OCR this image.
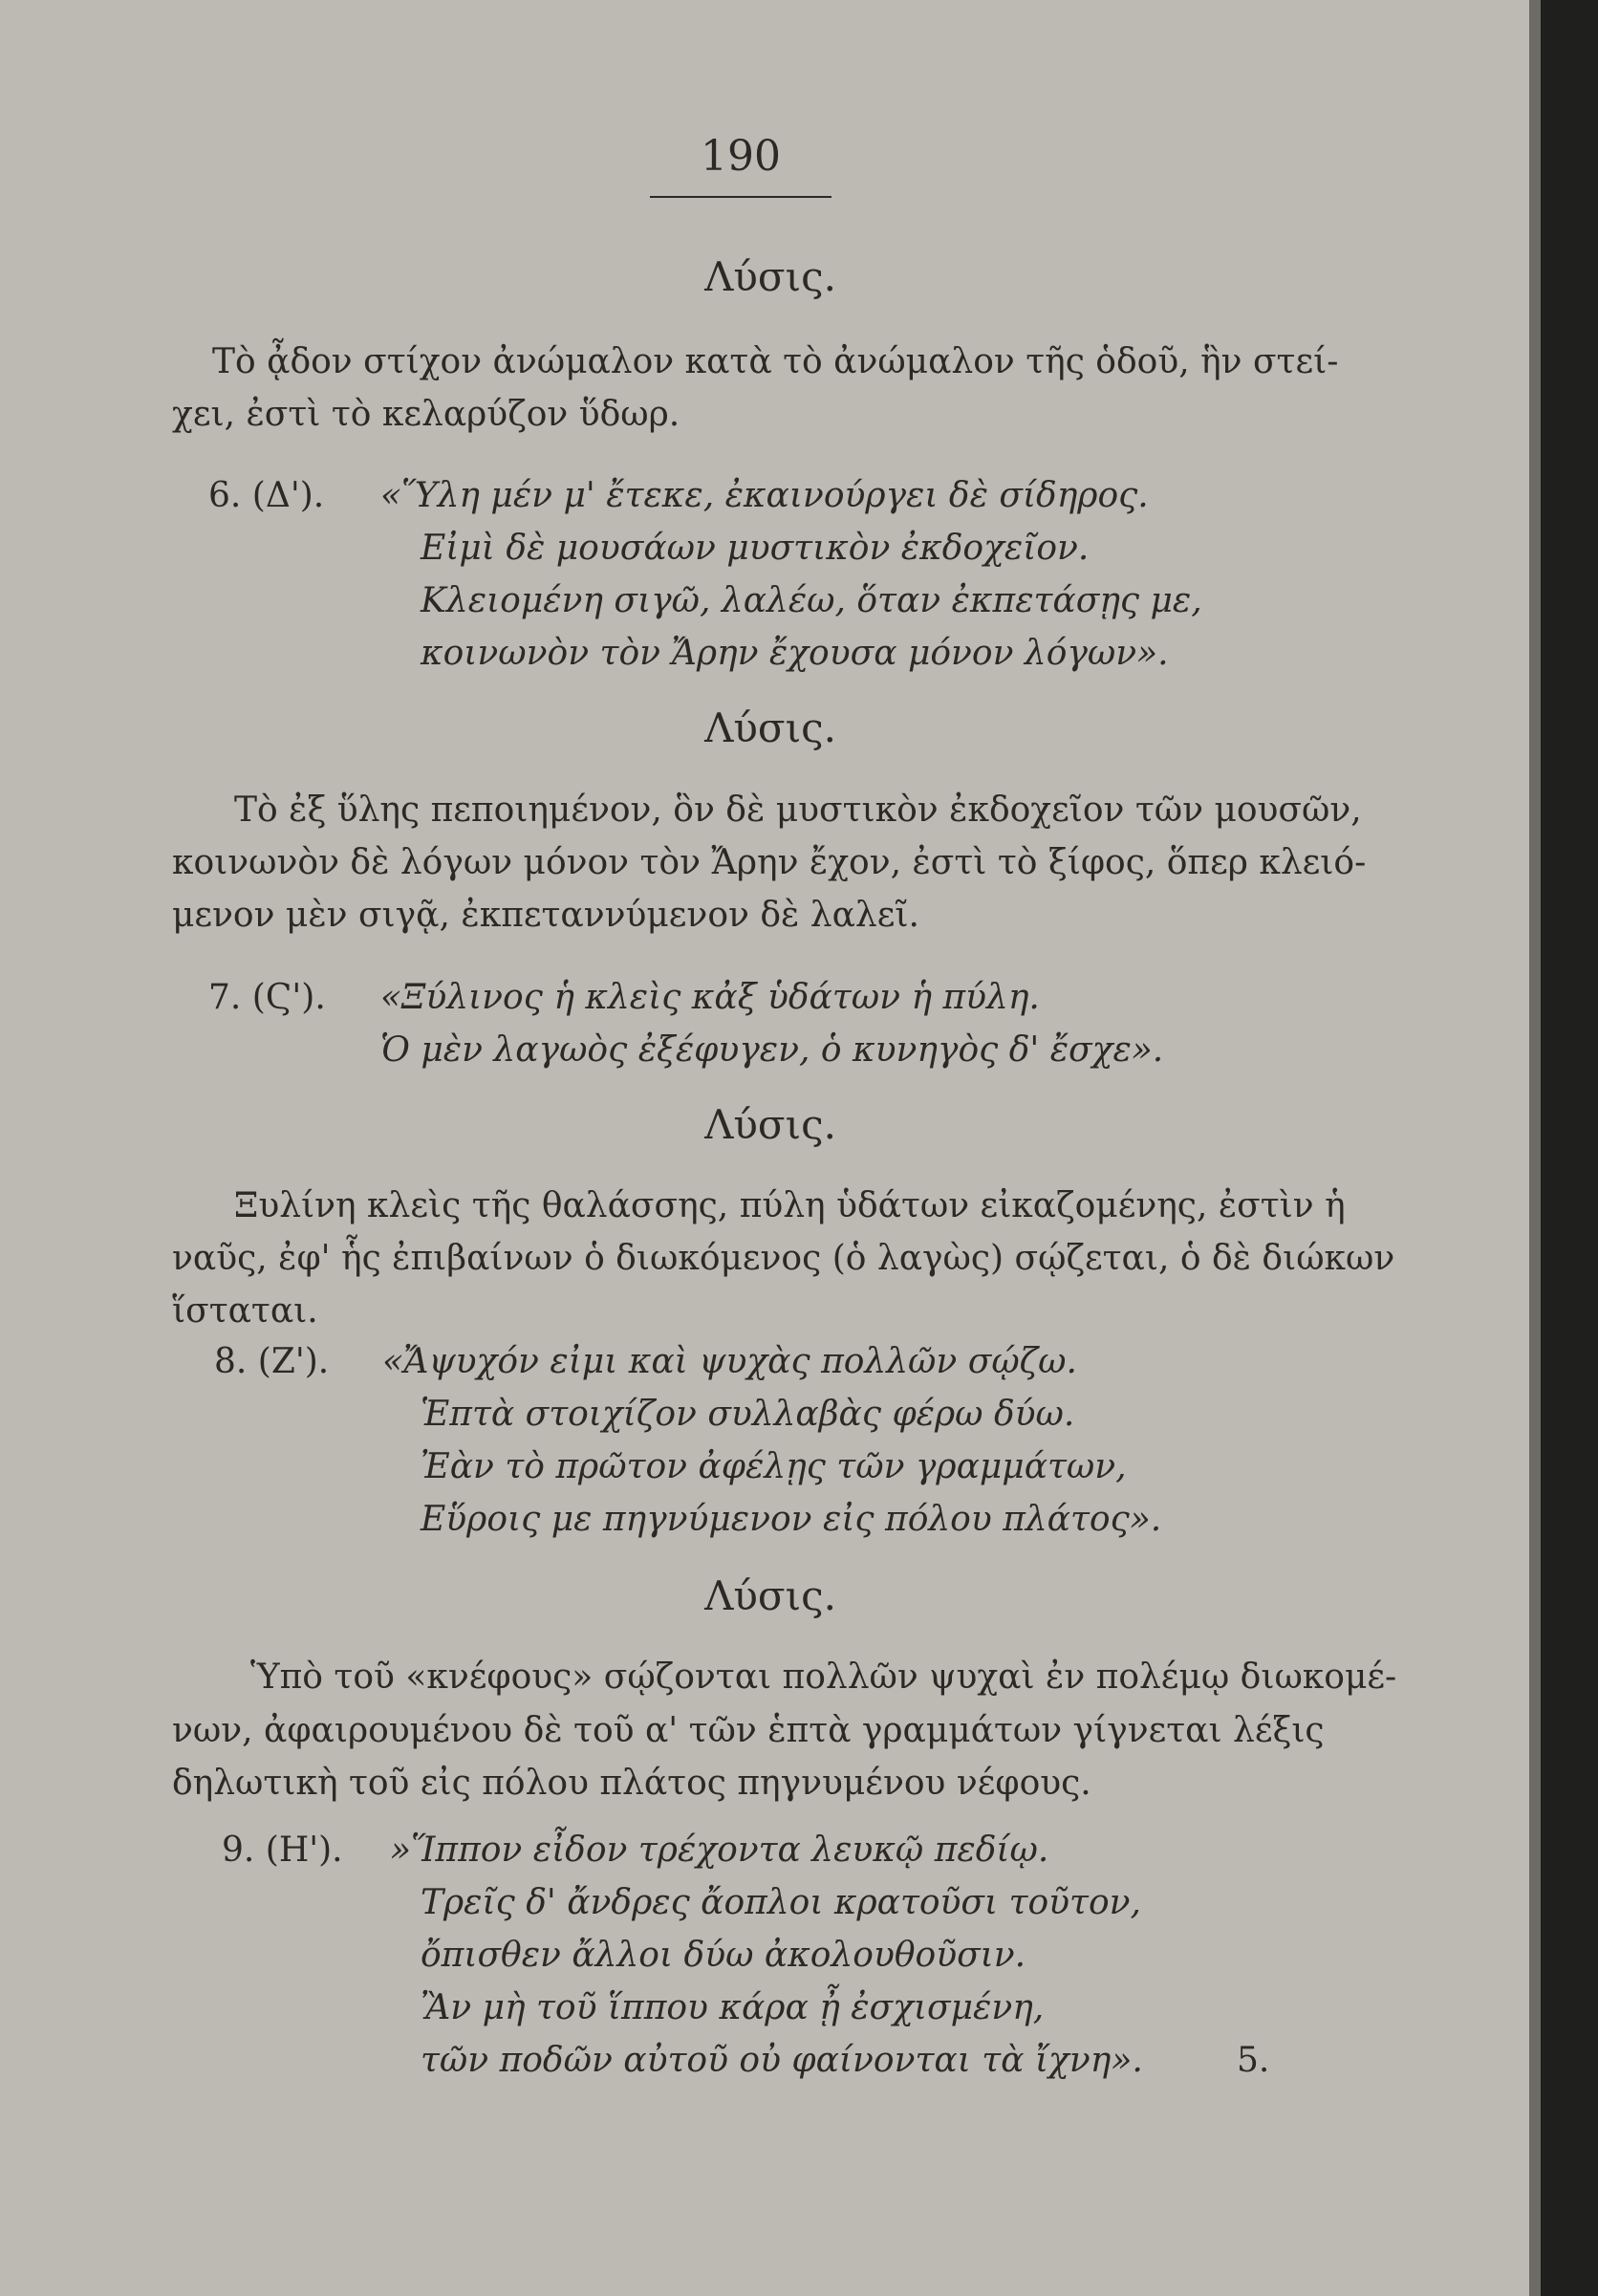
190
Λύσις.
Τὸ ᾆδον στίχον ἀνώμαλον κατὰ τὸ ἀνώμαλον τῆς ὁδοῦ, ἣν στεί-
χει, ἐστὶ τὸ κελαρύζον ὕδωρ.
6. (Δ'). «Ὕλη μέν μ' ἔτεκε, ἐκαινούργει δὲ σίδηρος.
Εἰμὶ δὲ μουσάων μυστικὸν ἐκδοχεῖον.
Κλειομένη σιγῶ, λαλέω, ὅταν ἐκπετάσῃς με,
κοινωνὸν τὸν Ἄρην ἔχουσα μόνον λόγων».
Λύσις.
Τὸ ἐξ ὕλης πεποιημένον, ὃν δὲ μυστικὸν ἐκδοχεῖον τῶν μουσῶν,
κοινωνὸν δὲ λόγων μόνον τὸν Ἄρην ἔχον, ἐστὶ τὸ ξίφος, ὅπερ κλειό-
μενον μὲν σιγᾷ, ἐκπεταννύμενον δὲ λαλεῖ.
7. (Ϛ'). «Ξύλινος ἡ κλεὶς κἀξ ὑδάτων ἡ πύλη.
Ὁ μὲν λαγωὸς ἐξέφυγεν, ὁ κυνηγὸς δ' ἔσχε».
Λύσις.
Ξυλίνη κλεὶς τῆς θαλάσσης, πύλη ὑδάτων εἰκαζομένης, ἐστὶν ἡ
ναῦς, ἐφ' ἧς ἐπιβαίνων ὁ διωκόμενος (ὁ λαγὼς) σῴζεται, ὁ δὲ διώκων
ἵσταται.
8. (Ζ'). «Ἄψυχόν εἰμι καὶ ψυχὰς πολλῶν σῴζω.
Ἑπτὰ στοιχίζον συλλαβὰς φέρω δύω.
Ἐὰν τὸ πρῶτον ἀφέλῃς τῶν γραμμάτων,
Εὕροις με πηγνύμενον εἰς πόλου πλάτος».
Λύσις.
Ὑπὸ τοῦ «κνέφους» σῴζονται πολλῶν ψυχαὶ ἐν πολέμῳ διωκομέ-
νων, ἀφαιρουμένου δὲ τοῦ α' τῶν ἑπτὰ γραμμάτων γίγνεται λέξις
δηλωτικὴ τοῦ εἰς πόλου πλάτος πηγνυμένου νέφους.
9. (Η'). »Ἵππον εἶδον τρέχοντα λευκῷ πεδίῳ.
Τρεῖς δ' ἄνδρες ἄοπλοι κρατοῦσι τοῦτον,
ὄπισθεν ἄλλοι δύω ἀκολουθοῦσιν.
Ἂν μὴ τοῦ ἵππου κάρα ᾖ ἐσχισμένη,
τῶν ποδῶν αὐτοῦ οὐ φαίνονται τὰ ἴχνη».	5.
